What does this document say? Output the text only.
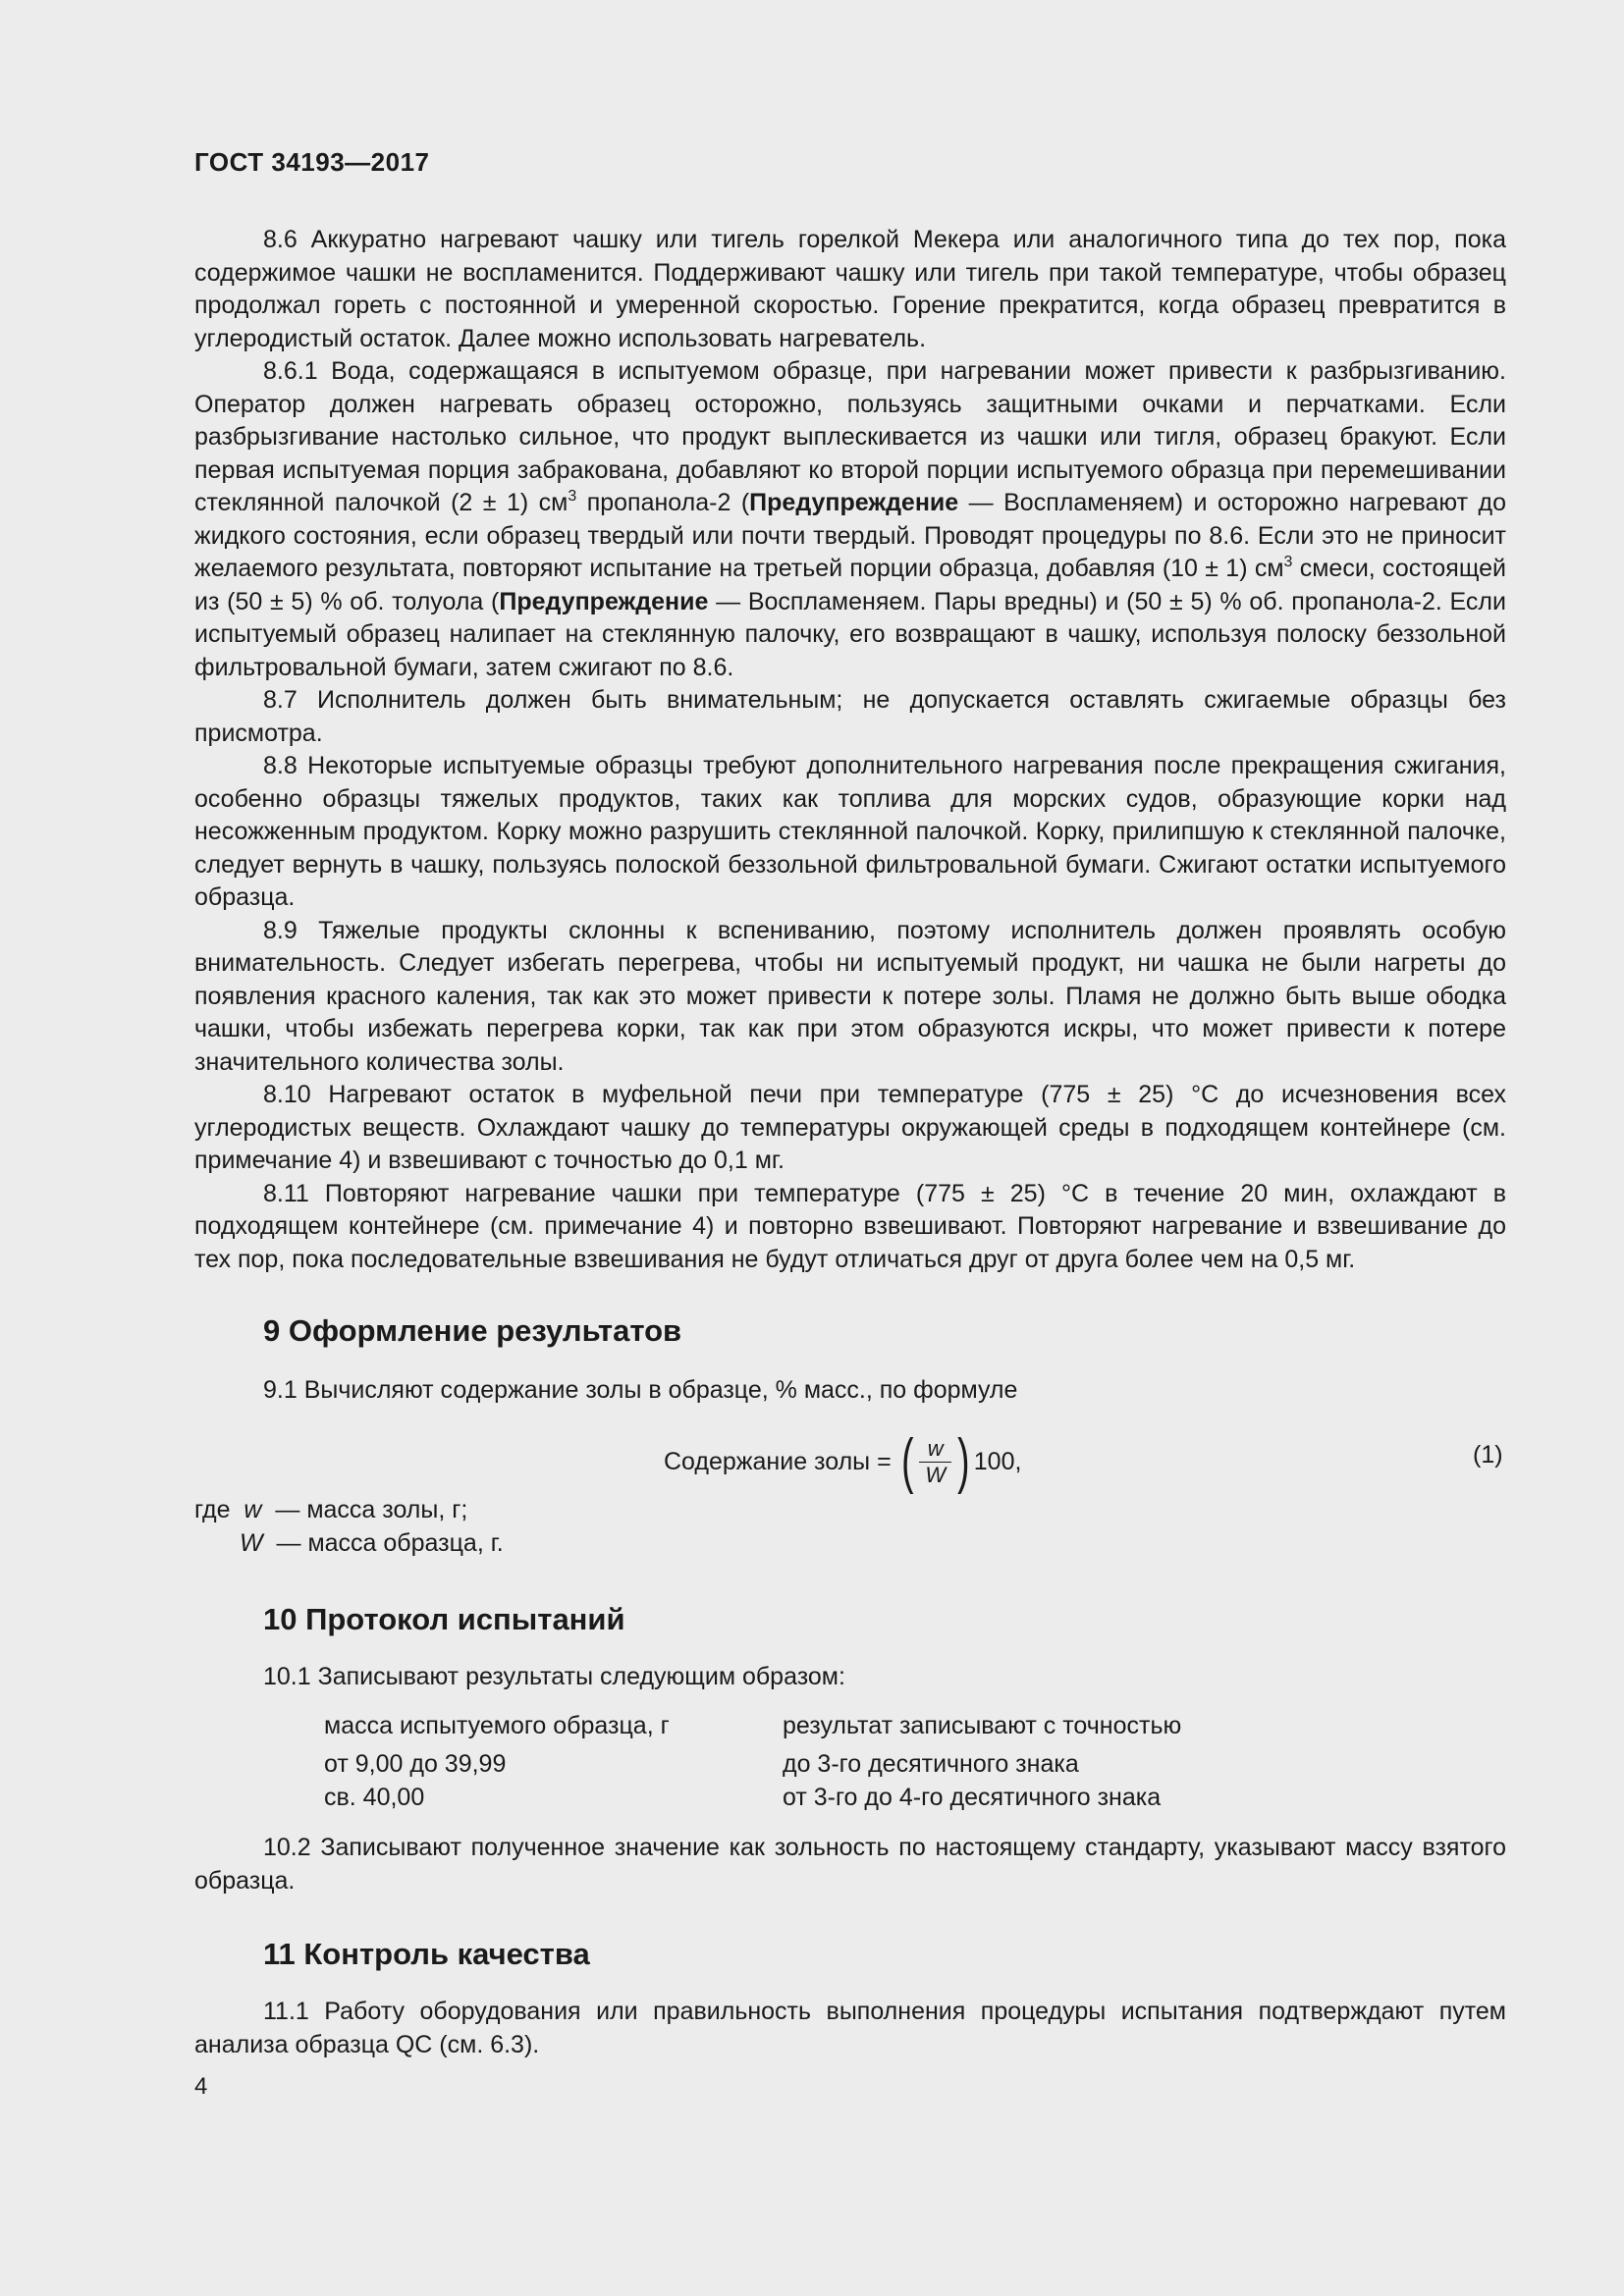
ГОСТ 34193—2017

8.6 Аккуратно нагревают чашку или тигель горелкой Мекера или аналогичного типа до тех пор, пока содержимое чашки не воспламенится. Поддерживают чашку или тигель при такой температуре, чтобы образец продолжал гореть с постоянной и умеренной скоростью. Горение прекратится, когда образец превратится в углеродистый остаток. Далее можно использовать нагреватель.

8.6.1 Вода, содержащаяся в испытуемом образце, при нагревании может привести к разбрызгиванию. Оператор должен нагревать образец осторожно, пользуясь защитными очками и перчатками. Если разбрызгивание настолько сильное, что продукт выплескивается из чашки или тигля, образец бракуют. Если первая испытуемая порция забракована, добавляют ко второй порции испытуемого образца при перемешивании стеклянной палочкой (2 ± 1) $см^3$ пропанола-2 (Предупреждение — Воспламеняем) и осторожно нагревают до жидкого состояния, если образец твердый или почти твердый. Проводят процедуры по 8.6. Если это не приносит желаемого результата, повторяют испытание на третьей порции образца, добавляя (10 ± 1) $см^3$ смеси, состоящей из (50 ± 5) % об. толуола (Предупреждение — Воспламеняем. Пары вредны) и (50 ± 5) % об. пропанола-2. Если испытуемый образец налипает на стеклянную палочку, его возвращают в чашку, используя полоску беззольной фильтровальной бумаги, затем сжигают по 8.6.

8.7 Исполнитель должен быть внимательным; не допускается оставлять сжигаемые образцы без присмотра.

8.8 Некоторые испытуемые образцы требуют дополнительного нагревания после прекращения сжигания, особенно образцы тяжелых продуктов, таких как топлива для морских судов, образующие корки над несожженным продуктом. Корку можно разрушить стеклянной палочкой. Корку, прилипшую к стеклянной палочке, следует вернуть в чашку, пользуясь полоской беззольной фильтровальной бумаги. Сжигают остатки испытуемого образца.

8.9 Тяжелые продукты склонны к вспениванию, поэтому исполнитель должен проявлять особую внимательность. Следует избегать перегрева, чтобы ни испытуемый продукт, ни чашка не были нагреты до появления красного каления, так как это может привести к потере золы. Пламя не должно быть выше ободка чашки, чтобы избежать перегрева корки, так как при этом образуются искры, что может привести к потере значительного количества золы.

8.10 Нагревают остаток в муфельной печи при температуре (775 ± 25) °С до исчезновения всех углеродистых веществ. Охлаждают чашку до температуры окружающей среды в подходящем контейнере (см. примечание 4) и взвешивают с точностью до 0,1 мг.

8.11 Повторяют нагревание чашки при температуре (775 ± 25) °С в течение 20 мин, охлаждают в подходящем контейнере (см. примечание 4) и повторно взвешивают. Повторяют нагревание и взвешивание до тех пор, пока последовательные взвешивания не будут отличаться друг от друга более чем на 0,5 мг.

9 Оформление результатов

9.1 Вычисляют содержание золы в образце, % масс., по формуле

Содержание золы = ( $\frac{w}{W}$ ) 100,	(1)
где w — масса золы, г;
W — масса образца, г.
10 Протокол испытаний

10.1 Записывают результаты следующим образом:

масса испытуемого образца, г	результат записывают с точностью
от 9,00 до 39,99	до 3-го десятичного знака
св. 40,00	от 3-го до 4-го десятичного знака

10.2 Записывают полученное значение как зольность по настоящему стандарту, указывают массу взятого образца.

11 Контроль качества

11.1 Работу оборудования или правильность выполнения процедуры испытания подтверждают путем анализа образца QC (см. 6.3).

4
